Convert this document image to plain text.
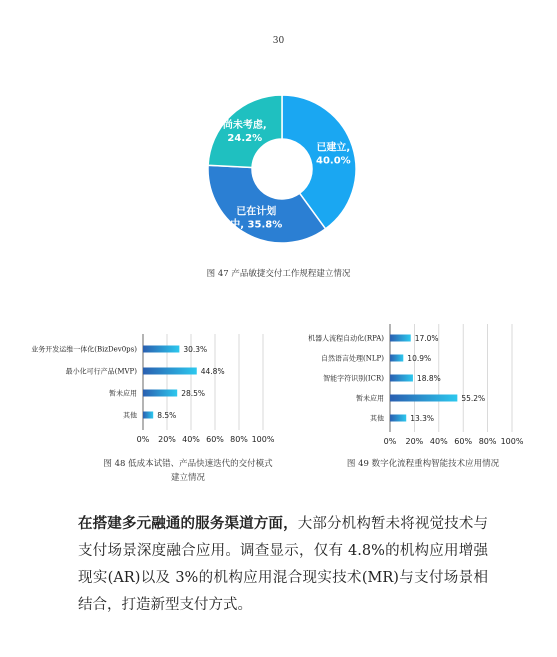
30
已建立,
40.0%
已在计划
中, 35.8%
尚未考虑,
24.2%
图 47 产品敏捷交付工作规程建立情况
0% 20% 40% 60% 80% 100%
30.3%
业务开发运维一体化(BizDev0ps)
44.8%
最小化可行产品(MVP)
28.5%
暂未应用
8.5%
其他
0% 20% 40% 60% 80% 100%
17.0%
机器人流程自动化(RPA)
10.9%
自然语言处理(NLP)
18.8%
智能字符识别(ICR)
55.2%
暂未应用
13.3%
其他
图 48 低成本试错、产品快速迭代的交付模式
建立情况
图 49 数字化流程重构智能技术应用情况
在搭建多元融通的服务渠道方面，大部分机构暂未将视觉技术与支付场景深度融合应用。调查显示，仅有 4.8%的机构应用增强现实(AR)以及 3%的机构应用混合现实技术(MR)与支付场景相结合，打造新型支付方式。
